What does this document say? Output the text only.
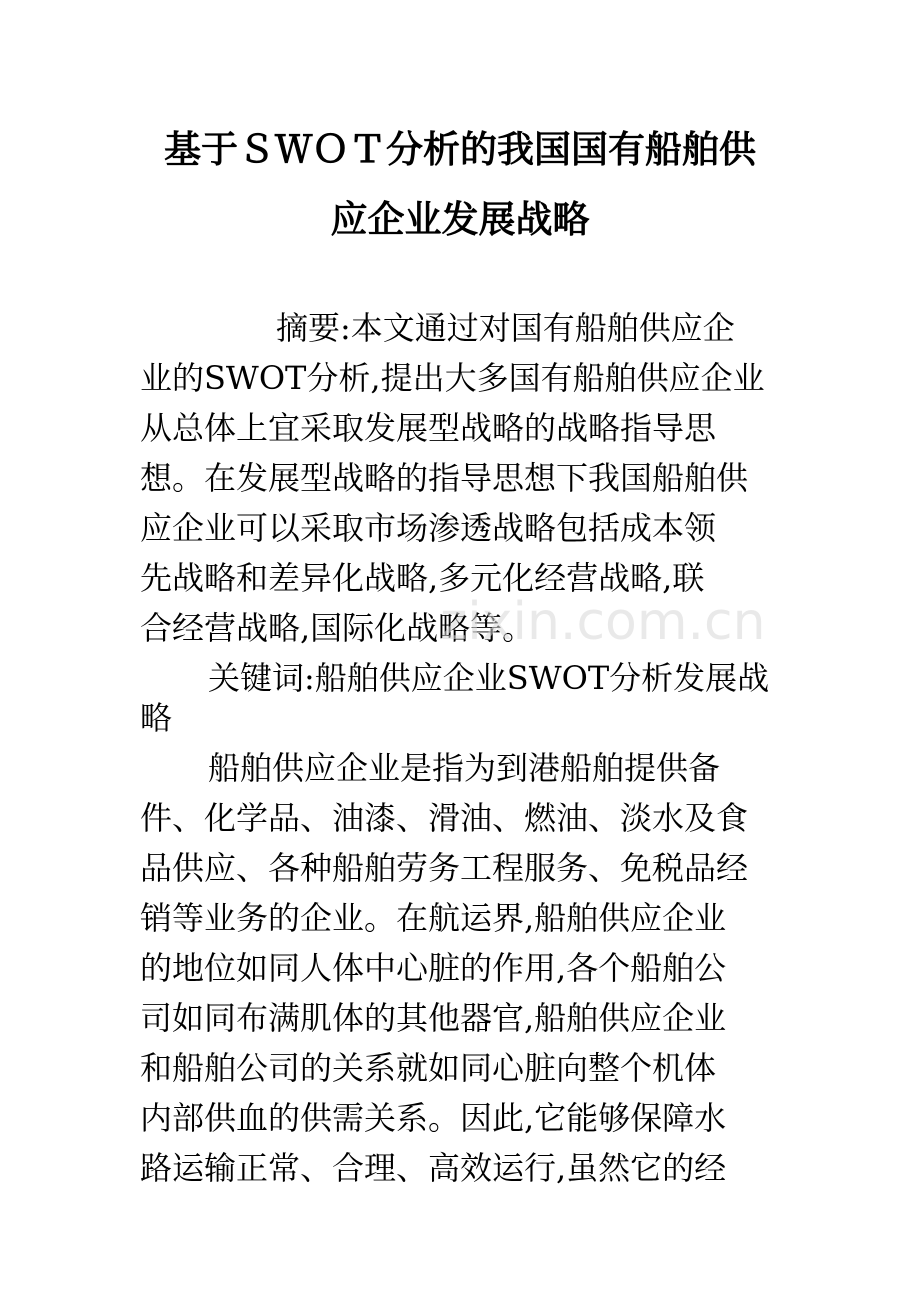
基于ＳＷＯＴ分析的我国国有船舶供
应企业发展战略

摘要:本文通过对国有船舶供应企

业的SWOT分析,提出大多国有船舶供应企业

从总体上宜采取发展型战略的战略指导思

想。在发展型战略的指导思想下我国船舶供

应企业可以采取市场渗透战略包括成本领

先战略和差异化战略,多元化经营战略,联

合经营战略,国际化战略等。

关键词:船舶供应企业SWOT分析发展战

略

船舶供应企业是指为到港船舶提供备

件、化学品、油漆、滑油、燃油、淡水及食

品供应、各种船舶劳务工程服务、免税品经

销等业务的企业。在航运界,船舶供应企业

的地位如同人体中心脏的作用,各个船舶公

司如同布满肌体的其他器官,船舶供应企业

和船舶公司的关系就如同心脏向整个机体

内部供血的供需关系。因此,它能够保障水

路运输正常、合理、高效运行,虽然它的经

zixin.com.cn
